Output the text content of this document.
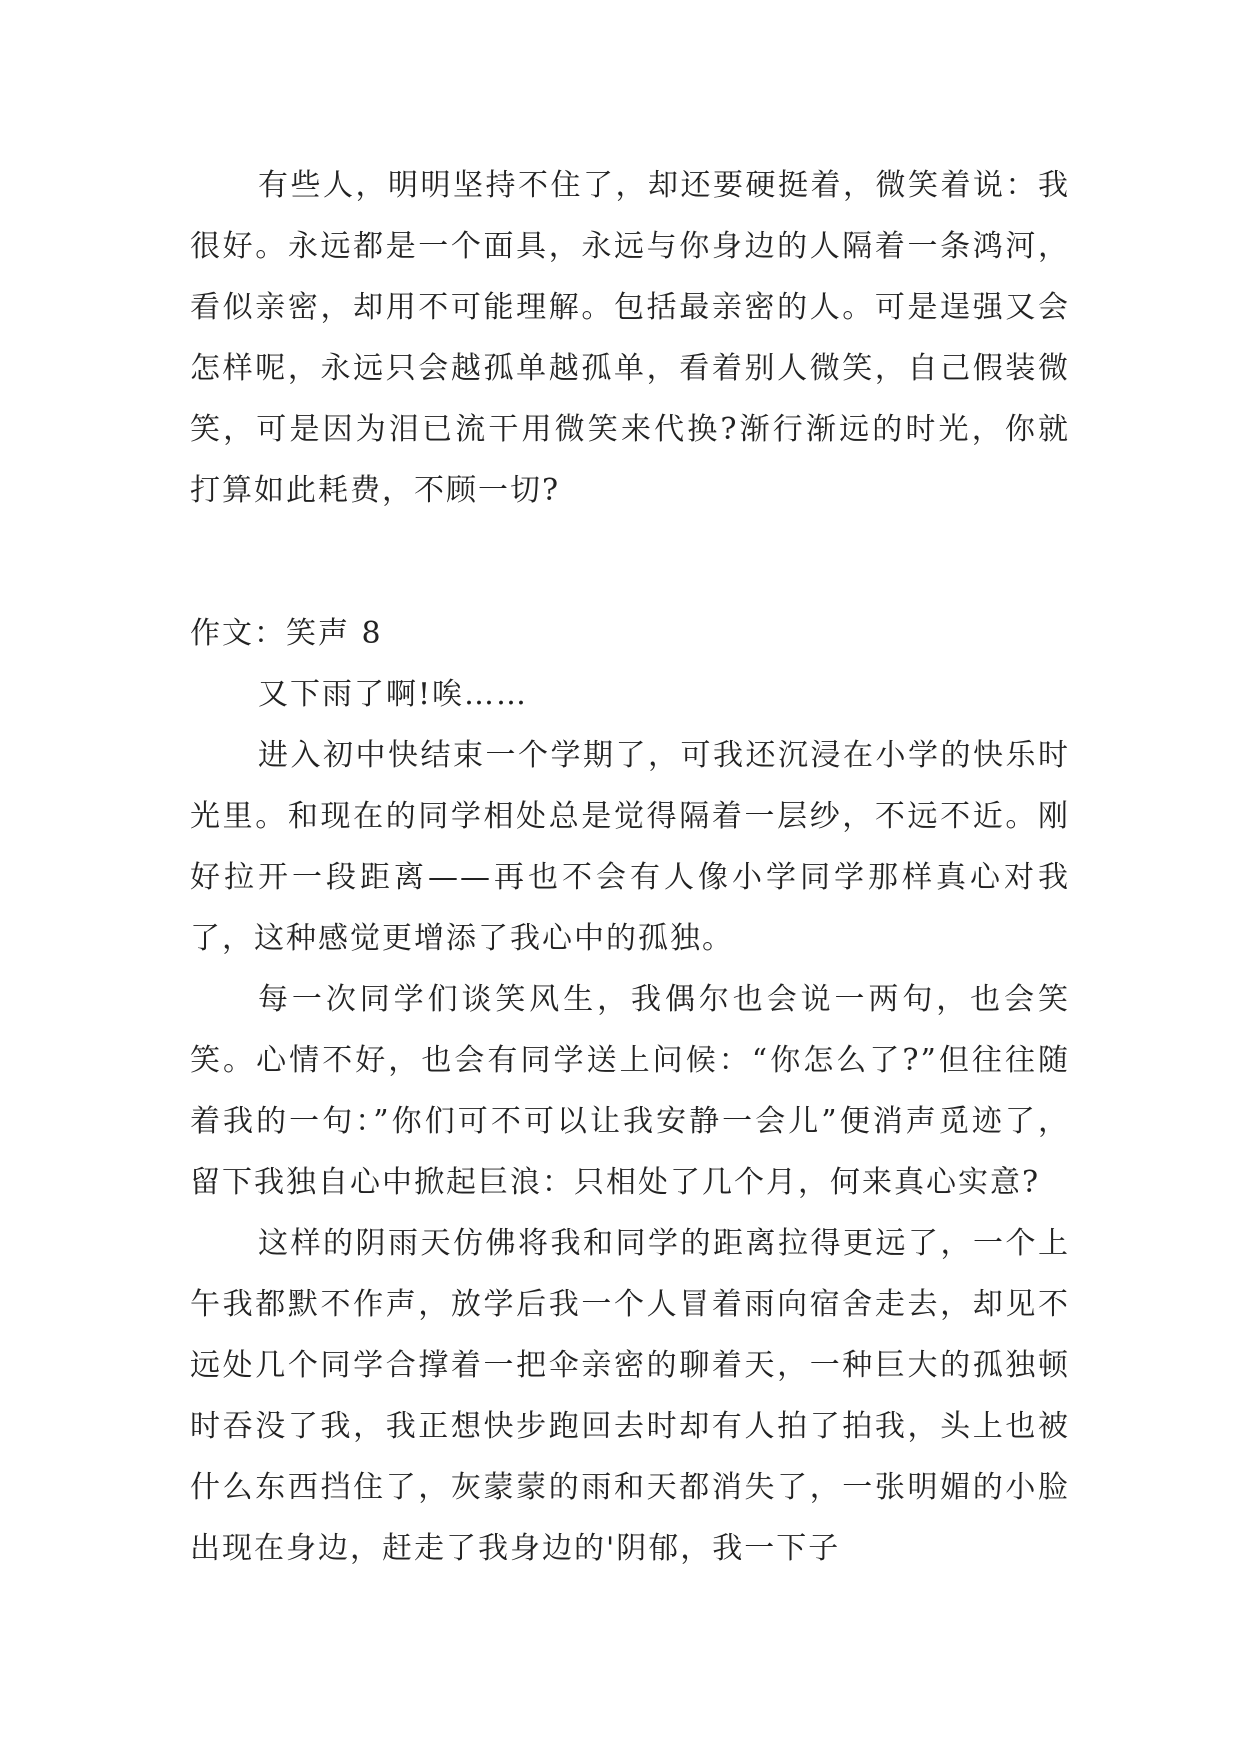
有些人，明明坚持不住了，却还要硬挺着，微笑着说：我很好。永远都是一个面具，永远与你身边的人隔着一条鸿河，看似亲密，却用不可能理解。包括最亲密的人。可是逞强又会怎样呢，永远只会越孤单越孤单，看着别人微笑，自己假装微笑，可是因为泪已流干用微笑来代换?渐行渐远的时光，你就打算如此耗费，不顾一切?

作文：笑声 8

又下雨了啊!唉……

进入初中快结束一个学期了，可我还沉浸在小学的快乐时光里。和现在的同学相处总是觉得隔着一层纱，不远不近。刚好拉开一段距离——再也不会有人像小学同学那样真心对我了，这种感觉更增添了我心中的孤独。

每一次同学们谈笑风生，我偶尔也会说一两句，也会笑笑。心情不好，也会有同学送上问候：“你怎么了?”但往往随着我的一句：”你们可不可以让我安静一会儿”便消声觅迹了，留下我独自心中掀起巨浪：只相处了几个月，何来真心实意?

这样的阴雨天仿佛将我和同学的距离拉得更远了，一个上午我都默不作声，放学后我一个人冒着雨向宿舍走去，却见不远处几个同学合撑着一把伞亲密的聊着天，一种巨大的孤独顿时吞没了我，我正想快步跑回去时却有人拍了拍我，头上也被什么东西挡住了，灰蒙蒙的雨和天都消失了，一张明媚的小脸出现在身边，赶走了我身边的'阴郁，我一下子
